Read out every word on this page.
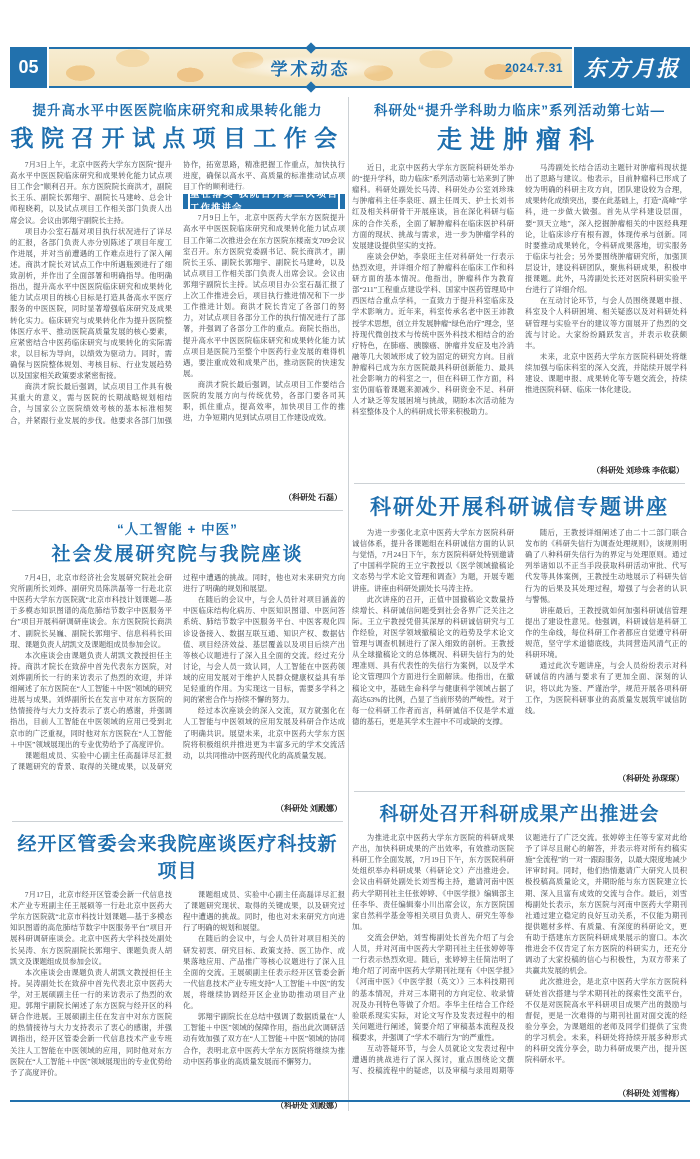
05	学术动态	2024.7.31 东方月报
提升高水平中医医院临床研究和成果转化能力
我院召开试点项目工作会

7月3日上午，北京中医药大学东方医院“提升高水平中医医院临床研究和成果转化能力试点项目工作会”顺利召开。东方医院院长商洪才，副院长王乐、副院长郭翔宇、副院长马建岭、总会计师程晓莉，以及试点项目工作相关部门负责人出席会议。会议由郭翔宇副院长主持。

项目办公室石磊对项目执行状况进行了详尽的汇报，各部门负责人亦分别陈述了项目年度工作进展，并对当前遭遇的工作难点进行了深入阐述。商洪才院长对试点工作中所遇瓶颈进行了细致剖析，并作出了全面部署和明确指导。他明确指出，提升高水平中医医院临床研究和成果转化能力试点项目的核心目标是打造具备高水平医疗服务的中医医院，同时显著增强临床研究及成果转化实力。临床研究与成果转化作为提升医院整体医疗水平、推动医院高质量发展的核心要素，应紧密结合中医药临床研究与成果转化的实际需求，以目标为导向，以绩效为驱动力。同时，需确保与医院整体规划、考核目标、行业发展趋势以及国家相关政策要求紧密衔接。

商洪才院长最后强调，试点项目工作具有极其重大的意义，需与医院的长期战略规划相结合，与国家公立医院绩效考核的基本标准相契合，并紧跟行业发展的步伐。他要求各部门加强协作，拓宽思路，精准把握工作重点，加快执行进度，确保以高水平、高质量的标准推动试点项目工作的顺利进行。

重在落实 我院召开第二次项目工作推进会

7月9日上午，北京中医药大学东方医院提升高水平中医医院临床研究和成果转化能力试点项目工作第二次推进会在东方医院东楼南支709会议室召开。东方医院党委副书记、院长商洪才，副院长王乐、副院长郭翔宇、副院长马建岭，以及试点项目工作相关部门负责人出席会议。会议由郭翔宇副院长主持。试点项目办公室石磊汇报了上次工作推进会后，项目执行推进情况和下一步工作推进计划。商洪才院长肯定了各部门的努力，对试点项目各部分工作的执行情况进行了部署，并强调了各部分工作的重点。商院长指出，提升高水平中医医院临床研究和成果转化能力试点项目是医院乃至整个中医药行业发展的难得机遇，要注重成效和成果产出，推动医院的快速发展。

商洪才院长最后强调，试点项目工作要结合医院的发展方向与传统优势，各部门要各司其职，抓住重点，提高效率，加快项目工作的推进，力争短期内见到试点项目工作建设成效。

（科研处 石磊）
“人工智能 + 中医”
社会发展研究院与我院座谈

7月4日，北京市经济社会发展研究院社会研究所副所长刘烨、副研究员陈洪磊等一行赴北京中医药大学东方医院就“北京市科技计划课题—基于多模态知识图谱的高危肺结节数字中医服务平台”项目开展科研调研座谈会。东方医院院长商洪才、副院长吴巍、副院长郭翔宇、信息科科长田琨、课题负责人胡凯文及课题组成员参加会议。

本次座谈会由课题负责人胡凯文教授担任主持。商洪才院长在致辞中首先代表东方医院，对刘烨副所长一行的来访表示了热烈的欢迎，并详细阐述了东方医院在“人工智能＋中医”领域的研究进展与成果。刘烨副所长在发言中对东方医院的热情接待与大力支持表示了衷心的感谢，并强调指出，目前人工智能在中医领域的应用已受到北京市的广泛重视，同时他对东方医院在“人工智能＋中医”领域展现出的专业优势给予了高度评价。

课题组成员、实验中心副主任高磊详尽汇报了课题研究的背景、取得的关键成果，以及研究过程中遭遇的挑战。同时，他也对未来研究方向进行了明确的规划和展望。

在随后的会议中，与会人员针对项目涵盖的中医临床结构化病历、中医知识图谱、中医问答系统、肺结节数字中医服务平台、中医客观化四诊设备接入、数据互联互通、知识产权、数据估值、项目经济效益、基层覆盖以及项目后续产出等核心议题进行了深入且全面的交流。经过充分讨论，与会人员一致认同，人工智能在中医药领域的应用发展对于维护人民群众健康权益具有举足轻重的作用。为实现这一目标，需要多学科之间的紧密合作与持续不懈的努力。

经过本次座谈会的深入交流，双方就强化在人工智能与中医领域的应用发展及科研合作达成了明确共识。展望未来，北京中医药大学东方医院将积极组织并推进更为丰富多元的学术交流活动，以共同推动中医药现代化的高质量发展。

（科研处 刘殿娜）
经开区管委会来我院座谈医疗科技新项目

7月17日，北京市经开区管委会新一代信息技术产业专班副主任王展硕等一行赴北京中医药大学东方医院就“北京市科技计划课题—基于多模态知识图谱的高危肺结节数字中医服务平台”项目开展科研调研座谈会。北京中医药大学科技处副处长吴涛、东方医院副院长郭翔宇、课题负责人胡凯文及课题组成员参加会议。

本次座谈会由课题负责人胡凯文教授担任主持。吴涛副处长在致辞中首先代表北京中医药大学，对王展硕副主任一行的来访表示了热烈的欢迎。郭翔宇副院长阐述了东方医院与经开区的科研合作进展。王展硕副主任在发言中对东方医院的热情接待与大力支持表示了衷心的感谢，并强调指出，经开区管委会新一代信息技术产业专班关注人工智能在中医领域的应用，同时他对东方医院在“人工智能＋中医”领域展现出的专业优势给予了高度评价。

课题组成员、实验中心副主任高磊详尽汇报了课题研究现状、取得的关键成果，以及研究过程中遭遇的挑战。同时，他也对未来研究方向进行了明确的规划和展望。

在随后的会议中，与会人员针对项目相关的研发初衷、研究目标、政策支持、医工协作、成果落地应用、产品推广等核心议题进行了深入且全面的交流。王展硕副主任表示经开区管委会新一代信息技术产业专班支持“人工智能＋中医”的发展，将继续协调经开区企业协助推动项目产业化。

郭翔宇副院长在总结中强调了数据质量在“人工智能＋中医”领域的保障作用，指出此次调研活动有效加强了双方在“人工智能＋中医”领域的协同合作，表明北京中医药大学东方医院将继续为推动中医药事业的高质量发展而不懈努力。

（科研处 刘殿娜）
科研处“提升学科助力临床”系列活动第七站—
走进肿瘤科

近日，北京中医药大学东方医院科研处举办的“提升学科，助力临床”系列活动第七站来到了肿瘤科。科研处副处长马涛、科研处办公室刘珍珠与肿瘤科主任李泉旺、副主任周天、护士长刘书红及相关科研骨干开展座谈，旨在深化科研与临床的合作关系，全面了解肿瘤科在临床医护科研方面的现状、挑战与需求，进一步为肿瘤学科的发展建设提供坚实的支持。

座谈会伊始，李泉旺主任对科研处一行表示热烈欢迎，并详细介绍了肿瘤科在临床工作和科研方面的基本情况。他指出，肿瘤科作为教育部“211”工程重点建设学科、国家中医药管理局中西医结合重点学科，一直致力于提升科室临床及学术影响力。近年来，科室传承名老中医王沛教授学术思想，创立并发展肿瘤“绿色治疗”理念，坚持现代微创技术与传统中医外科技术相结合的治疗特色，在肺癌、胰腺癌、肿瘤并发症及电冷消融等几大领域形成了较为固定的研究方向。目前肿瘤科已成为东方医院最具科研创新能力、最具社会影响力的科室之一，但在科研工作方面，科室仍面临着课题来源减少、科研资金不足、科研人才缺乏等发展困境与挑战，期盼本次活动能为科室整体及个人的科研成长带来积极助力。

马涛副处长结合活动主题针对肿瘤科现状提出了思路与建议。他表示，目前肿瘤科已形成了较为明确的科研主攻方向，团队建设较为合理，成果转化成绩突出，要在此基础上，打造“高峰”学科，进一步做大做强。首先从学科建设层面，要“顶天立地”，深入挖掘肿瘤相关的中医经典理论，让临床诊疗有根有源，体现传承与创新。同时要推动成果转化，令科研成果落地，切实服务于临床与社会；另外要围绕肿瘤研究所，加强顶层设计，建设科研团队，聚焦科研成果，积极申报课题。此外，马涛副处长还对医院科研实验平台进行了详细介绍。

在互动讨论环节，与会人员围绕课题申报、科室及个人科研困境、相关疑惑以及对科研处科研管理与实验平台的建议等方面展开了热烈的交流与讨论。大家纷纷踊跃发言，并表示收获颇丰。

未来，北京中医药大学东方医院科研处将继续加强与临床科室的深入交流，并陆续开展学科建设、课题申报、成果转化等专题交流会，持续推进医院科研、临床一体化建设。

（科研处 刘珍珠 李依聪）
科研处开展科研诚信专题讲座

为进一步强化北京中医药大学东方医院科研诚信体系，提升各课题组在科研诚信方面的认识与觉悟，7月24日下午，东方医院科研处特别邀请了中国科学院的王立宇教授以《医学领域撤稿论文态势与学术论文管理和调查》为题，开展专题讲座。讲座由科研处副处长马涛主持。

此次讲座的召开，正值中国撤稿论文数量持续增长、科研诚信问题受到社会各界广泛关注之际。王立宇教授凭借其深厚的科研诚信研究与工作经验，对医学领域撤稿论文的趋势及学术论文管理与调查机制进行了深入细致的剖析。王教授从全球撤稿论文的总体概况、科研失信行为的处理准则、具有代表性的失信行为案例，以及学术论文管理四个方面进行全面解读。他指出，在撤稿论文中，基础生命科学与健康科学领域占据了高达63%的比例，凸显了当前形势的严峻性。对于每一位科研工作者而言，科研诚信不仅是学术道德的基石，更是其学术生涯中不可或缺的支撑。

随后，王教授详细阐述了由二十二部门联合发布的《科研失信行为调查处理规则》，该规则明确了八种科研失信行为的界定与处理原则。通过列举诸如以不正当手段获取科研活动审批、代写代发等具体案例，王教授生动地展示了科研失信行为的后果及其处理过程，增强了与会者的认识与警惕。

讲座最后，王教授就如何加强科研诚信管理提出了建设性意见。他强调，科研诚信是科研工作的生命线，每位科研工作者都应自觉遵守科研规范，坚守学术道德底线，共同营造风清气正的科研环境。

通过此次专题讲座，与会人员纷纷表示对科研诚信的内涵与要求有了更加全面、深刻的认识，将以此为鉴、严谨治学，规范开展各项科研工作，为医院科研事业的高质量发展筑牢诚信防线。

（科研处 孙琛琛）
科研处召开科研成果产出推进会

为推进北京中医药大学东方医院的科研成果产出，加快科研成果的产出效率，有效推动医院科研工作全面发展，7月19日下午，东方医院科研处组织举办科研成果（科研论文）产出推进会。会议由科研处副处长刘雪梅主持，邀请河南中医药大学期刊社主任张婷婷、《中医学报》编辑部主任李华、责任编辑秦小川出席会议，东方医院国家自然科学基金等相关项目负责人、研究生等参加。

交流会伊始，刘雪梅副处长首先介绍了与会人员，并对河南中医药大学期刊社主任张婷婷等一行表示热烈欢迎。随后，张婷婷主任简洁明了地介绍了河南中医药大学期刊社现有《中医学报》《河南中医》《中医学报（英文）》三本科技期刊的基本情况，并对三本期刊的方向定位、收录情况及办刊特色等做了介绍。李华主任结合工作经验联系现实实际，对论文写作及发表过程中的相关问题进行阐述，简要介绍了审稿基本流程及投稿要求，并强调了“学术不端行为”的严重性。

互动答疑环节，与会人员就论文发表过程中遭遇的挑战进行了深入探讨，重点围绕论文撰写、投稿流程中的疑虑，以及审稿与录用周期等议题进行了广泛交流。张婷婷主任等专家对此给予了详尽且耐心的解答，并表示将对所有约稿实施“全流程”的一对一跟踪服务，以最大限度地减少评审时间。同时，他们热情邀请广大研究人员积极投稿高质量论文，并期盼能与东方医院建立长期、深入且富有成效的交流与合作。最后，刘雪梅副处长表示，东方医院与河南中医药大学期刊社通过建立稳定的良好互动关系，不仅能为期刊提供题材多样、有质量、有深度的科研论文，更有助于搭建东方医院科研成果展示的窗口。本次推进会不仅肯定了东方医院的科研实力，还充分调动了大家投稿的信心与积极性，为双方带来了共赢共发展的机会。

此次推进会，是北京中医药大学东方医院科研处首次搭建与学术期刊社的探索性交流平台，不仅是对医院高水平科研项目成果产出的鼓励与督促，更是一次难得的与期刊社面对面交流的经验分享会，为课题组的老师及同学们提供了宝贵的学习机会。未来，科研处将持续开展多种形式的科研交流分享会，助力科研成果产出，提升医院科研水平。

（科研处 刘雪梅）
